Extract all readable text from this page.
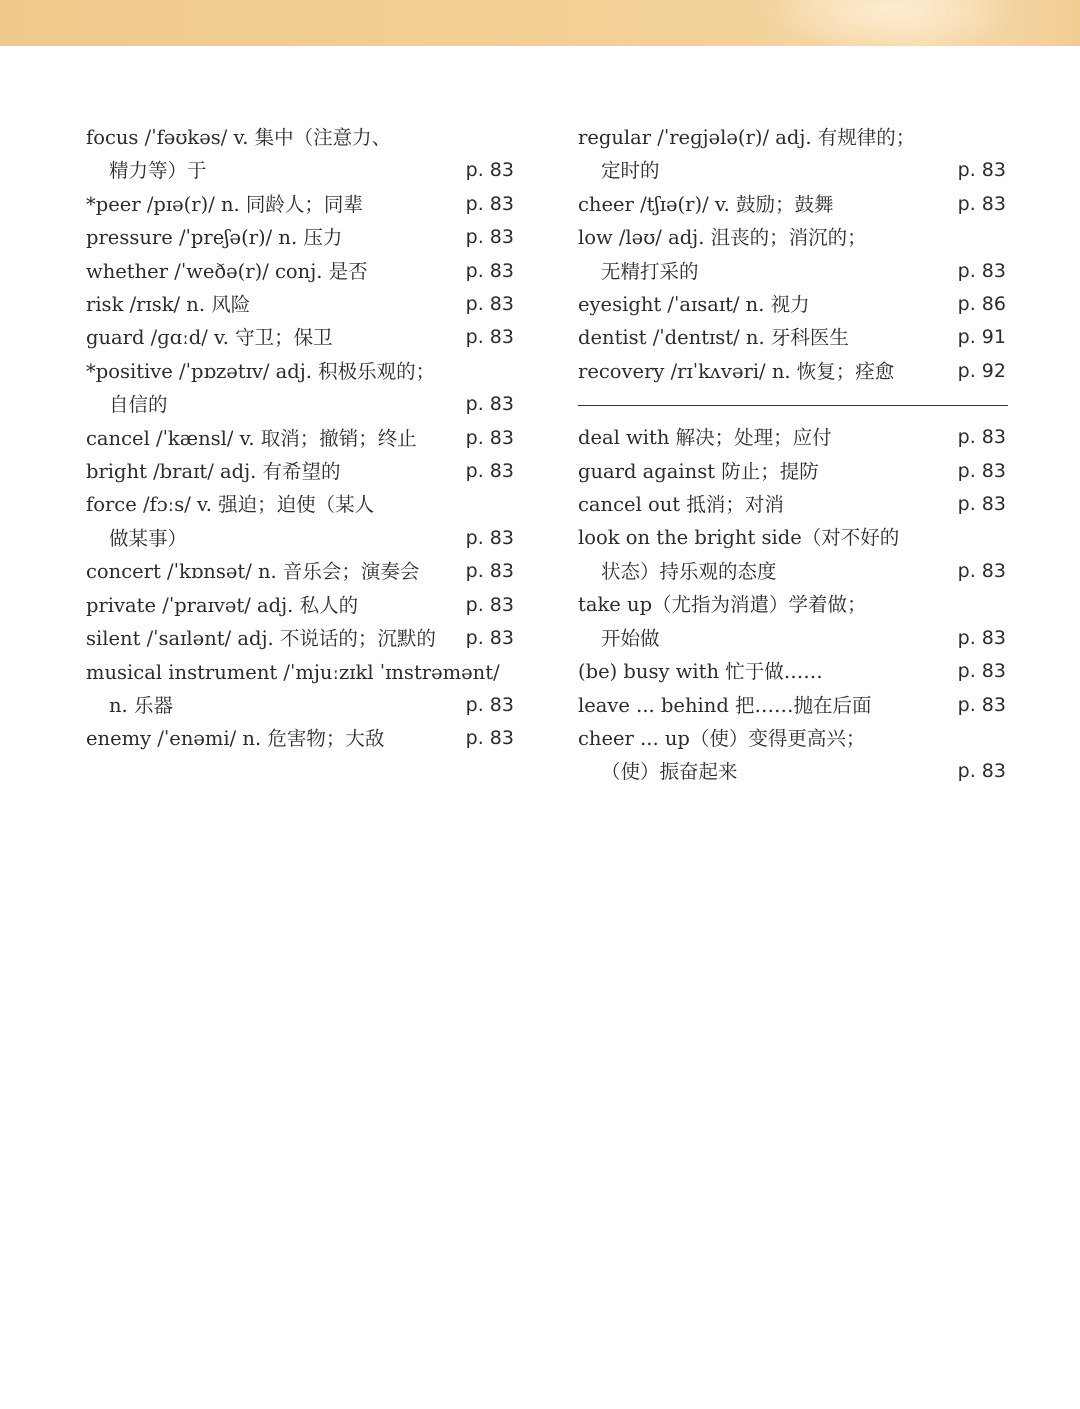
focus /ˈfəʊkəs/ v. 集中（注意力、
精力等）于	p. 83
*peer /pɪə(r)/ n. 同龄人；同辈	p. 83
pressure /ˈpreʃə(r)/ n. 压力	p. 83
whether /ˈweðə(r)/ conj. 是否	p. 83
risk /rɪsk/ n. 风险	p. 83
guard /ɡɑːd/ v. 守卫；保卫	p. 83
*positive /ˈpɒzətɪv/ adj. 积极乐观的；
自信的	p. 83
cancel /ˈkænsl/ v. 取消；撤销；终止	p. 83
bright /braɪt/ adj. 有希望的	p. 83
force /fɔːs/ v. 强迫；迫使（某人
做某事）	p. 83
concert /ˈkɒnsət/ n. 音乐会；演奏会 p. 83
private /ˈpraɪvət/ adj. 私人的	p. 83
silent /ˈsaɪlənt/ adj. 不说话的；沉默的 p. 83
musical instrument /ˈmjuːzɪkl ˈɪnstrəmənt/
n. 乐器	p. 83
enemy /ˈenəmi/ n. 危害物；大敌	p. 83
regular /ˈreɡjələ(r)/ adj. 有规律的；
定时的	p. 83
cheer /tʃɪə(r)/ v. 鼓励；鼓舞	p. 83
low /ləʊ/ adj. 沮丧的；消沉的；
无精打采的	p. 83
eyesight /ˈaɪsaɪt/ n. 视力	p. 86
dentist /ˈdentɪst/ n. 牙科医生	p. 91
recovery /rɪˈkʌvəri/ n. 恢复；痊愈	p. 92
deal with 解决；处理；应付	p. 83
guard against 防止；提防	p. 83
cancel out 抵消；对消	p. 83
look on the bright side（对不好的
状态）持乐观的态度	p. 83
take up（尤指为消遣）学着做；
开始做	p. 83
(be) busy with 忙于做……	p. 83
leave ... behind 把……抛在后面	p. 83
cheer ... up（使）变得更高兴；
（使）振奋起来	p. 83
